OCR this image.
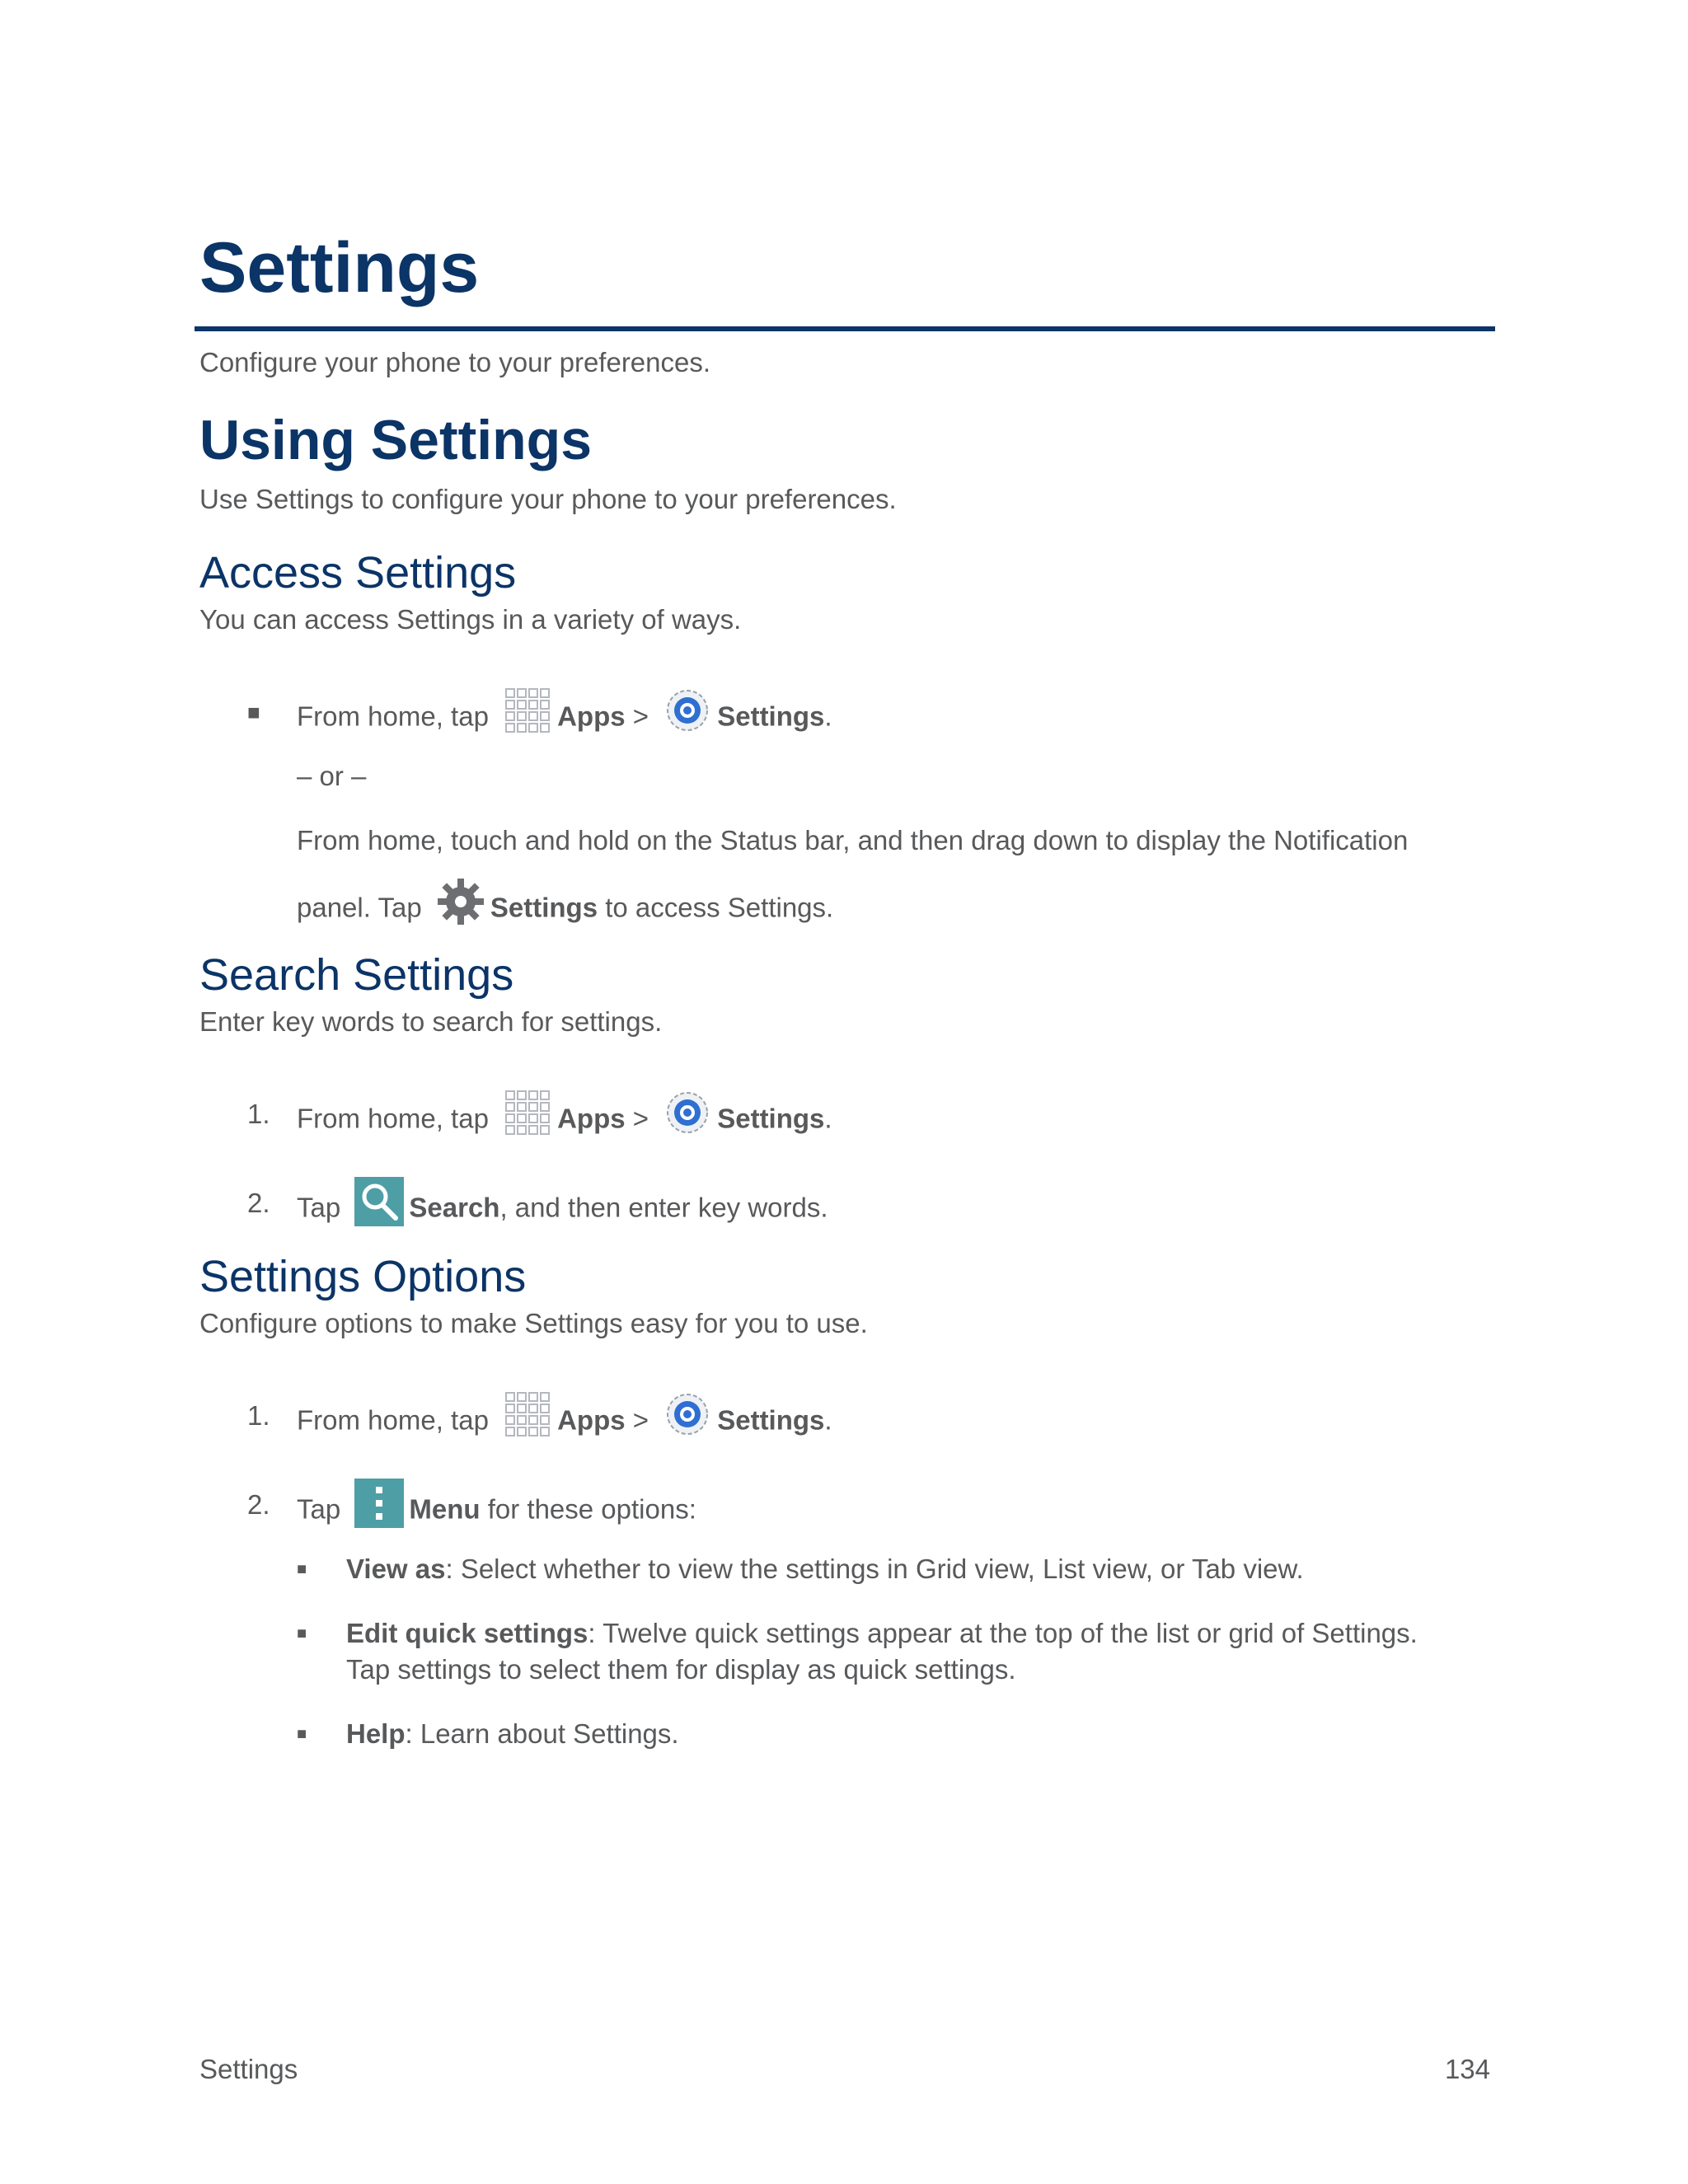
Settings

Configure your phone to your preferences.

Using Settings

Use Settings to configure your phone to your preferences.

Access Settings

You can access Settings in a variety of ways.

■ From home, tap	Apps >	Settings.
– or –
From home, touch and hold on the Status bar, and then drag down to display the Notification
panel. Tap	Settings to access Settings.
Search Settings

Enter key words to search for settings.

1. From home, tap	Apps >	Settings.
2. Tap	Search, and then enter key words.
Settings Options

Configure options to make Settings easy for you to use.

1. From home, tap	Apps >	Settings.
2. Tap	Menu for these options:
■ View as: Select whether to view the settings in Grid view, List view, or Tab view.
■ Edit quick settings: Twelve quick settings appear at the top of the list or grid of Settings.
Tap settings to select them for display as quick settings.
■ Help: Learn about Settings.
Settings	134
